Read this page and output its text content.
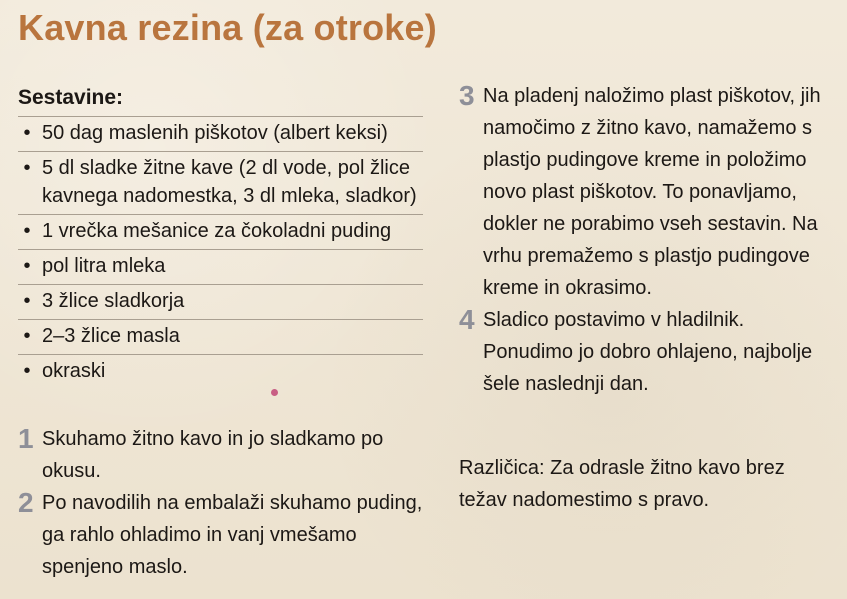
Kavna rezina (za otroke)
Sestavine:
• 50 dag maslenih piškotov (albert keksi)
• 5 dl sladke žitne kave (2 dl vode, pol žlice kavnega nadomestka, 3 dl mleka, sladkor)
• 1 vrečka mešanice za čokoladni puding
• pol litra mleka
• 3 žlice sladkorja
• 2–3 žlice masla
• okraski
1 Skuhamo žitno kavo in jo sladkamo po okusu.
2 Po navodilih na embalaži skuhamo puding, ga rahlo ohladimo in vanj vmešamo spenjeno maslo.
3 Na pladenj naložimo plast piškotov, jih namočimo z žitno kavo, namažemo s plastjo pudingove kreme in položimo novo plast piškotov. To ponavljamo, dokler ne porabimo vseh sestavin. Na vrhu premažemo s plastjo pudingove kreme in okrasimo.
4 Sladico postavimo v hladilnik. Ponudimo jo dobro ohlajeno, najbolje šele naslednji dan.
Različica: Za odrasle žitno kavo brez težav nadomestimo s pravo.
